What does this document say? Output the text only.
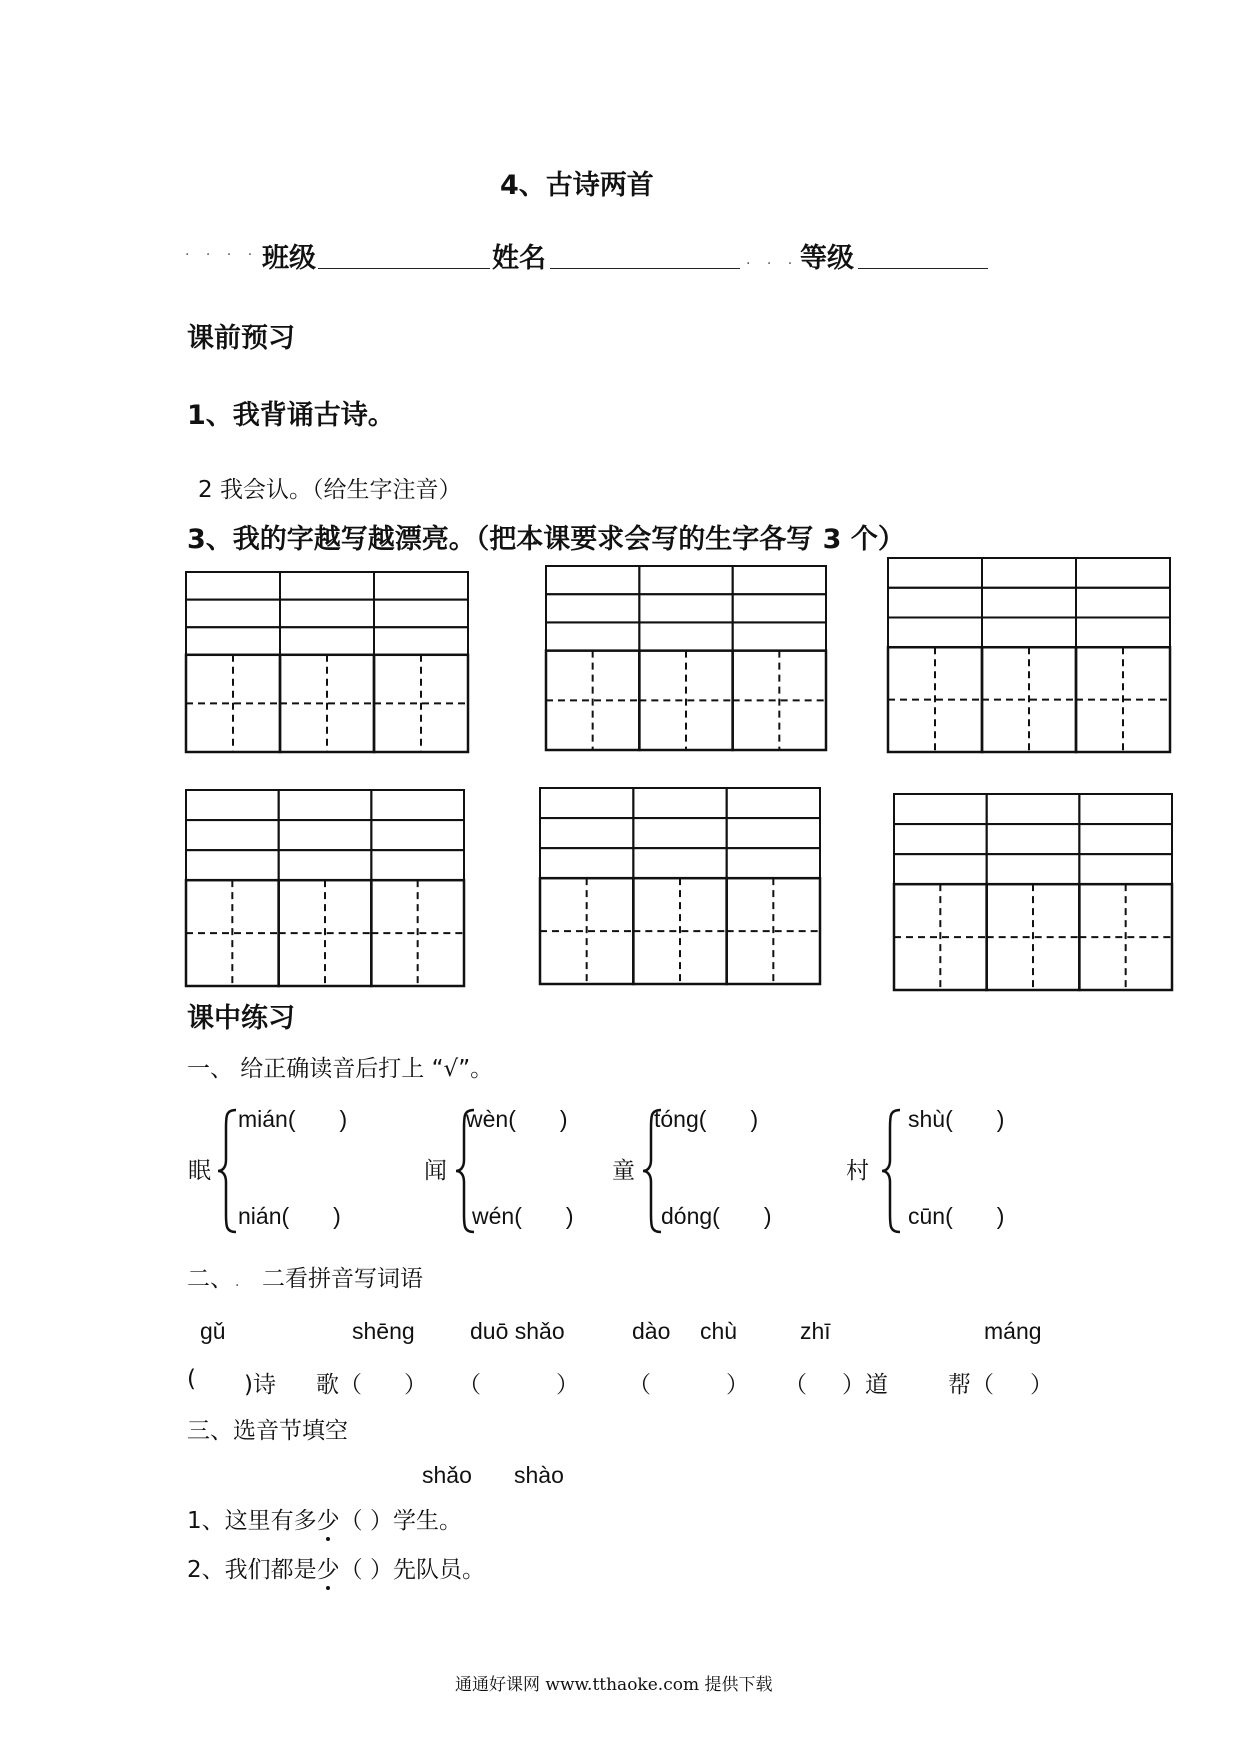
4、古诗两首
. . . . 班级	姓名	. . . 等级
课前预习
1、我背诵古诗。
2 我会认。（给生字注音）
3、我的字越写越漂亮。（把本课要求会写的生字各写 3 个）
课中练习
一、 给正确读音后打上 “√”。
眠
mián( )
nián( )
闻
wèn( )
wén( )
童
tóng( )
dóng( )
村
shù( )
cūn( )
二、 . 二看拼音写词语
gǔ	shēng duō shǎo	dào chù	zhī	máng
( )诗 歌（ ） （	） （	） （ ）道	帮（ ）
三、选音节填空
shǎo shào
1、这里有多少（ ）学生。
2、我们都是少（ ）先队员。
通通好课网 www.tthaoke.com 提供下载
